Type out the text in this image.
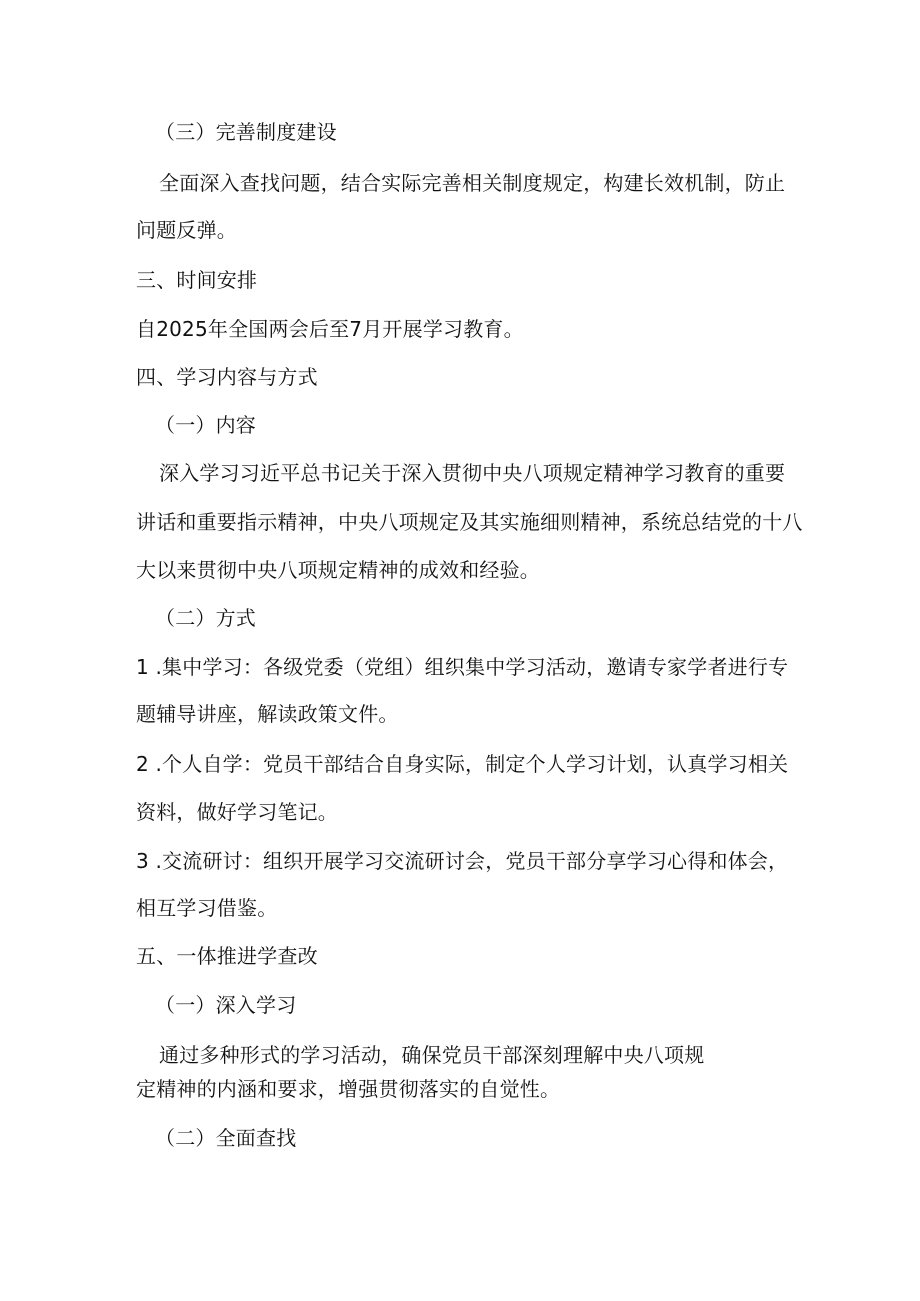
（三）完善制度建设
全面深入查找问题，结合实际完善相关制度规定，构建长效机制，防止
问题反弹。
三、时间安排
自2025年全国两会后至7月开展学习教育。
四、学习内容与方式
（一）内容
深入学习习近平总书记关于深入贯彻中央八项规定精神学习教育的重要
讲话和重要指示精神，中央八项规定及其实施细则精神，系统总结党的十八
大以来贯彻中央八项规定精神的成效和经验。
（二）方式
1 .集中学习：各级党委（党组）组织集中学习活动，邀请专家学者进行专
题辅导讲座，解读政策文件。
2 .个人自学：党员干部结合自身实际，制定个人学习计划，认真学习相关
资料，做好学习笔记。
3 .交流研讨：组织开展学习交流研讨会，党员干部分享学习心得和体会，
相互学习借鉴。
五、一体推进学查改
（一）深入学习
通过多种形式的学习活动，确保党员干部深刻理解中央八项规
定精神的内涵和要求，增强贯彻落实的自觉性。
（二）全面查找
